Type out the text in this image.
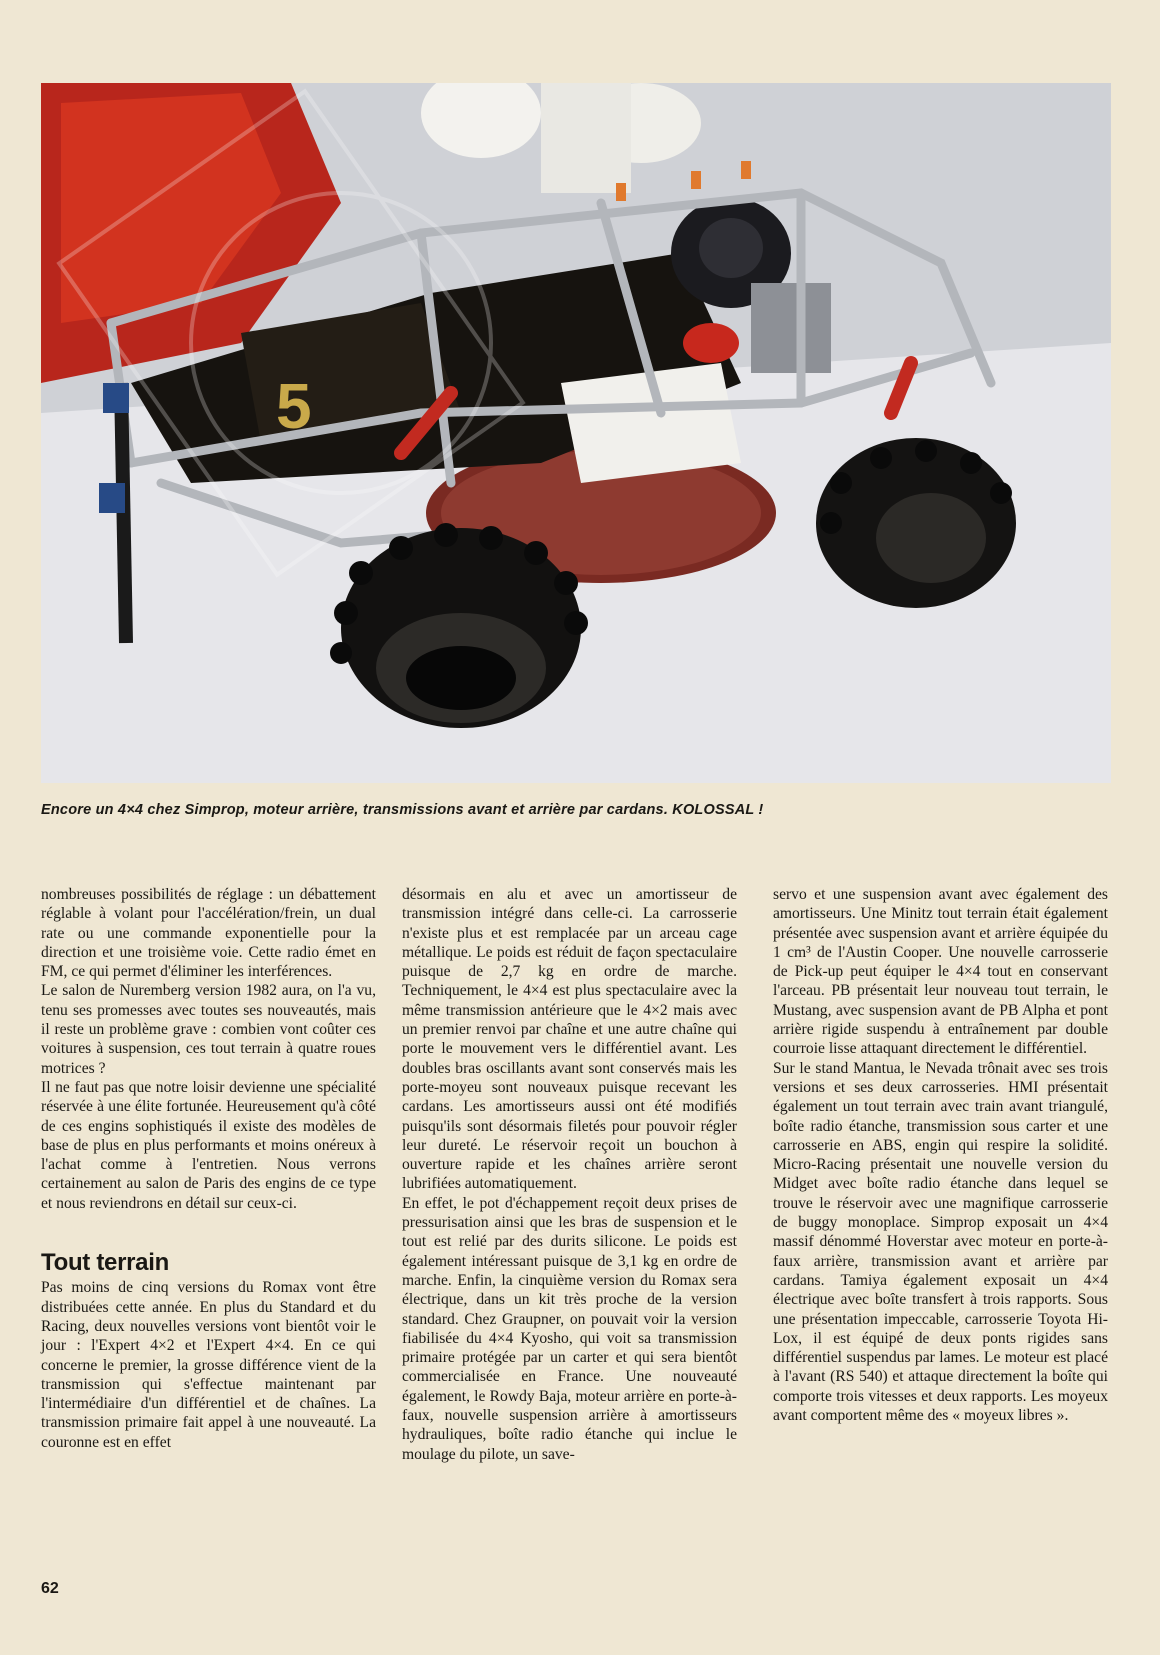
5
Encore un 4×4 chez Simprop, moteur arrière, transmissions avant et arrière par cardans. KOLOSSAL !

nombreuses possibilités de réglage : un débattement réglable à volant pour l'accélération/frein, un dual rate ou une commande exponentielle pour la direction et une troisième voie. Cette radio émet en FM, ce qui permet d'éliminer les interférences.

Le salon de Nuremberg version 1982 aura, on l'a vu, tenu ses promesses avec toutes ses nouveautés, mais il reste un problème grave : combien vont coûter ces voitures à suspension, ces tout terrain à quatre roues motrices ?

Il ne faut pas que notre loisir devienne une spécialité réservée à une élite fortunée. Heureusement qu'à côté de ces engins sophistiqués il existe des modèles de base de plus en plus performants et moins onéreux à l'achat comme à l'entretien. Nous verrons certainement au salon de Paris des engins de ce type et nous reviendrons en détail sur ceux-ci.

Tout terrain

Pas moins de cinq versions du Romax vont être distribuées cette année. En plus du Standard et du Racing, deux nouvelles versions vont bientôt voir le jour : l'Expert 4×2 et l'Expert 4×4. En ce qui concerne le premier, la grosse différence vient de la transmission qui s'effectue maintenant par l'intermédiaire d'un différentiel et de chaînes. La transmission primaire fait appel à une nouveauté. La couronne est en effet

désormais en alu et avec un amortisseur de transmission intégré dans celle-ci. La carrosserie n'existe plus et est remplacée par un arceau cage métallique. Le poids est réduit de façon spectaculaire puisque de 2,7 kg en ordre de marche. Techniquement, le 4×4 est plus spectaculaire avec la même transmission antérieure que le 4×2 mais avec un premier renvoi par chaîne et une autre chaîne qui porte le mouvement vers le différentiel avant. Les doubles bras oscillants avant sont conservés mais les porte-moyeu sont nouveaux puisque recevant les cardans. Les amortisseurs aussi ont été modifiés puisqu'ils sont désormais filetés pour pouvoir régler leur dureté. Le réservoir reçoit un bouchon à ouverture rapide et les chaînes arrière seront lubrifiées automatiquement.

En effet, le pot d'échappement reçoit deux prises de pressurisation ainsi que les bras de suspension et le tout est relié par des durits silicone. Le poids est également intéressant puisque de 3,1 kg en ordre de marche. Enfin, la cinquième version du Romax sera électrique, dans un kit très proche de la version standard. Chez Graupner, on pouvait voir la version fiabilisée du 4×4 Kyosho, qui voit sa transmission primaire protégée par un carter et qui sera bientôt commercialisée en France. Une nouveauté également, le Rowdy Baja, moteur arrière en porte-à-faux, nouvelle suspension arrière à amortisseurs hydrauliques, boîte radio étanche qui inclue le moulage du pilote, un save-

servo et une suspension avant avec également des amortisseurs. Une Minitz tout terrain était également présentée avec suspension avant et arrière équipée du 1 cm³ de l'Austin Cooper. Une nouvelle carrosserie de Pick-up peut équiper le 4×4 tout en conservant l'arceau. PB présentait leur nouveau tout terrain, le Mustang, avec suspension avant de PB Alpha et pont arrière rigide suspendu à entraînement par double courroie lisse attaquant directement le différentiel.

Sur le stand Mantua, le Nevada trônait avec ses trois versions et ses deux carrosseries. HMI présentait également un tout terrain avec train avant triangulé, boîte radio étanche, transmission sous carter et une carrosserie en ABS, engin qui respire la solidité. Micro-Racing présentait une nouvelle version du Midget avec boîte radio étanche dans lequel se trouve le réservoir avec une magnifique carrosserie de buggy monoplace. Simprop exposait un 4×4 massif dénommé Hoverstar avec moteur en porte-à-faux arrière, transmission avant et arrière par cardans. Tamiya également exposait un 4×4 électrique avec boîte transfert à trois rapports. Sous une présentation impeccable, carrosserie Toyota Hi-Lox, il est équipé de deux ponts rigides sans différentiel suspendus par lames. Le moteur est placé à l'avant (RS 540) et attaque directement la boîte qui comporte trois vitesses et deux rapports. Les moyeux avant comportent même des « moyeux libres ».

62
